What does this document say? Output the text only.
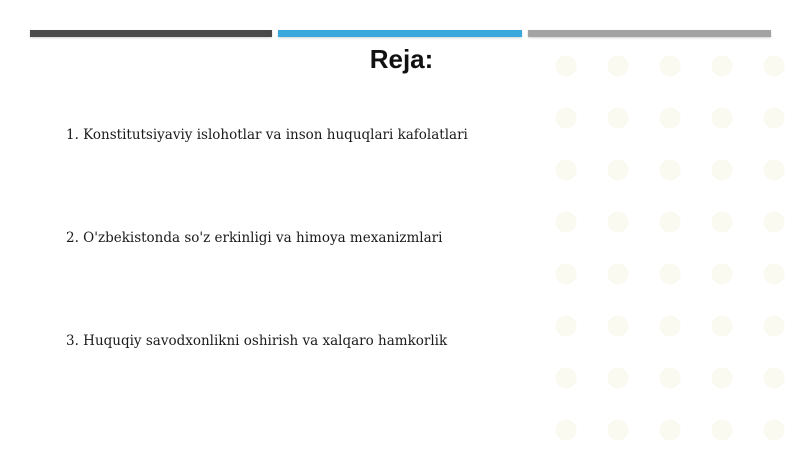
Reja:
1. Konstitutsiyaviy islohotlar va inson huquqlari kafolatlari
2. O'zbekistonda so'z erkinligi va himoya mexanizmlari
3. Huquqiy savodxonlikni oshirish va xalqaro hamkorlik
